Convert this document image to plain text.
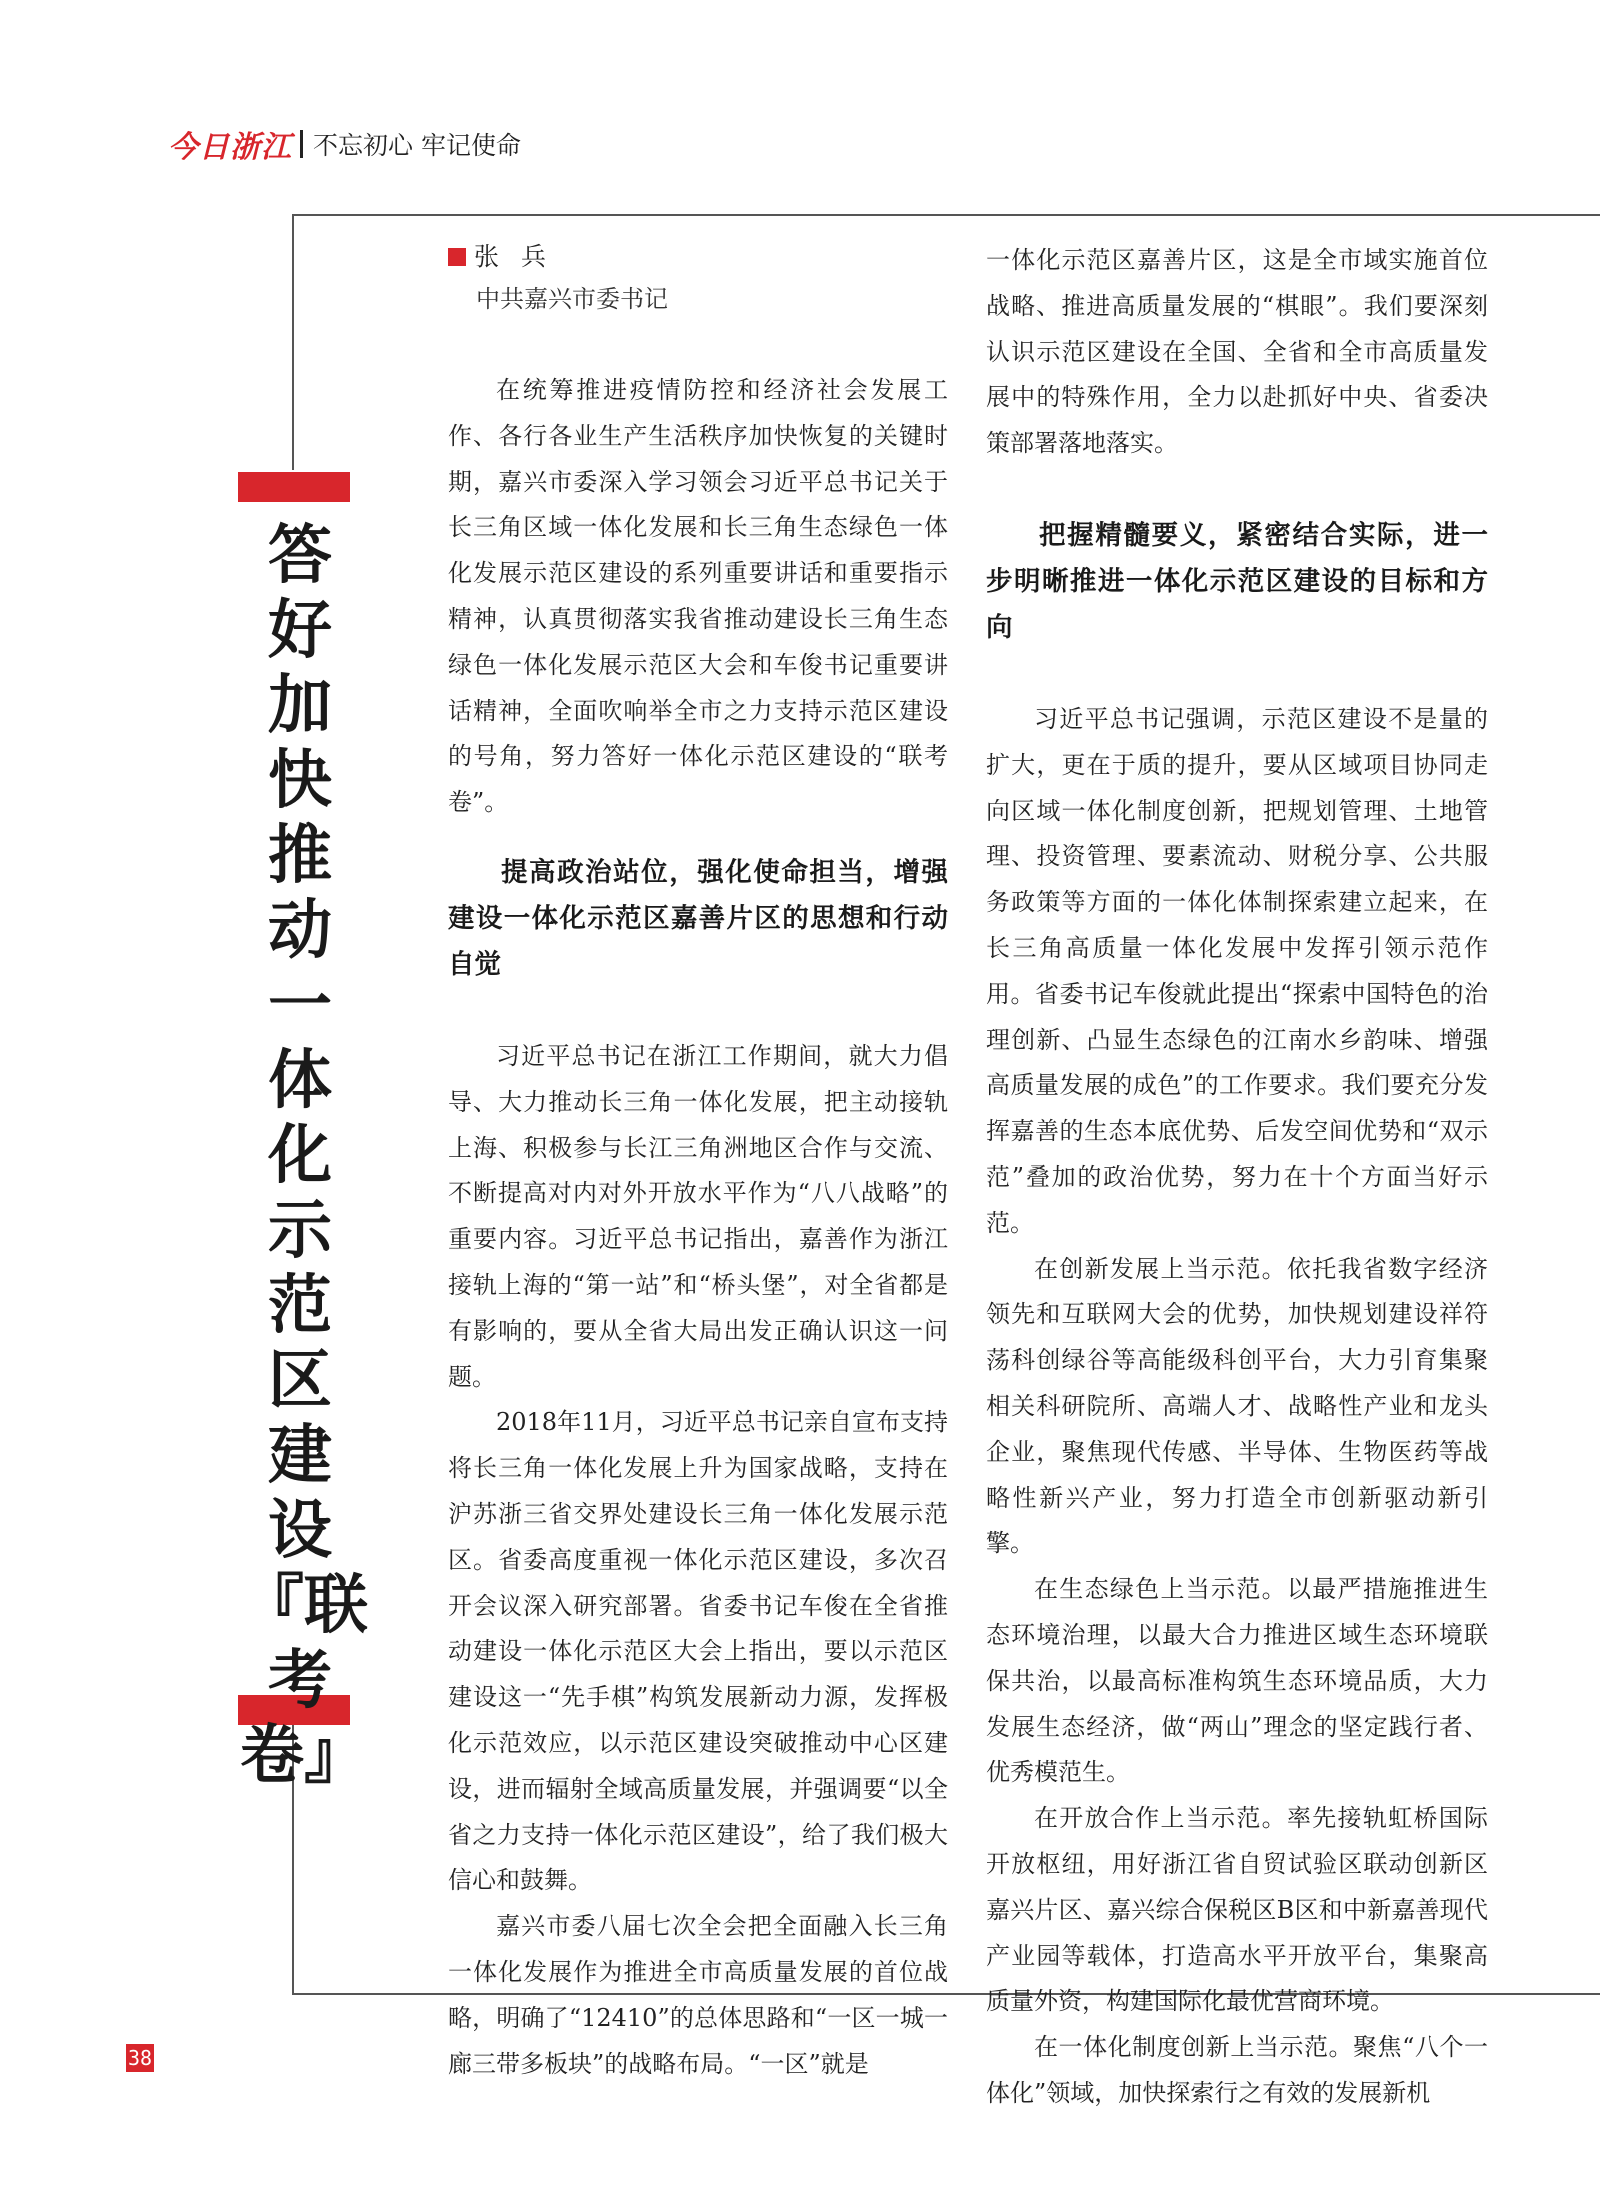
今日浙江 不忘初心 牢记使命
答好加快推动一体化示范区建设『联考卷』
张兵
中共嘉兴市委书记

在统筹推进疫情防控和经济社会发展工作、各行各业生产生活秩序加快恢复的关键时期，嘉兴市委深入学习领会习近平总书记关于长三角区域一体化发展和长三角生态绿色一体化发展示范区建设的系列重要讲话和重要指示精神，认真贯彻落实我省推动建设长三角生态绿色一体化发展示范区大会和车俊书记重要讲话精神，全面吹响举全市之力支持示范区建设的号角，努力答好一体化示范区建设的“联考卷”。

提高政治站位，强化使命担当，增强建设一体化示范区嘉善片区的思想和行动自觉

习近平总书记在浙江工作期间，就大力倡导、大力推动长三角一体化发展，把主动接轨上海、积极参与长江三角洲地区合作与交流、不断提高对内对外开放水平作为“八八战略”的重要内容。习近平总书记指出，嘉善作为浙江接轨上海的“第一站”和“桥头堡”，对全省都是有影响的，要从全省大局出发正确认识这一问题。

2018年11月，习近平总书记亲自宣布支持将长三角一体化发展上升为国家战略，支持在沪苏浙三省交界处建设长三角一体化发展示范区。省委高度重视一体化示范区建设，多次召开会议深入研究部署。省委书记车俊在全省推动建设一体化示范区大会上指出，要以示范区建设这一“先手棋”构筑发展新动力源，发挥极化示范效应，以示范区建设突破推动中心区建设，进而辐射全域高质量发展，并强调要“以全省之力支持一体化示范区建设”，给了我们极大信心和鼓舞。

嘉兴市委八届七次全会把全面融入长三角一体化发展作为推进全市高质量发展的首位战略，明确了“12410”的总体思路和“一区一城一廊三带多板块”的战略布局。“一区”就是

一体化示范区嘉善片区，这是全市域实施首位战略、推进高质量发展的“棋眼”。我们要深刻认识示范区建设在全国、全省和全市高质量发展中的特殊作用，全力以赴抓好中央、省委决策部署落地落实。

把握精髓要义，紧密结合实际，进一步明晰推进一体化示范区建设的目标和方向

习近平总书记强调，示范区建设不是量的扩大，更在于质的提升，要从区域项目协同走向区域一体化制度创新，把规划管理、土地管理、投资管理、要素流动、财税分享、公共服务政策等方面的一体化体制探索建立起来，在长三角高质量一体化发展中发挥引领示范作用。省委书记车俊就此提出“探索中国特色的治理创新、凸显生态绿色的江南水乡韵味、增强高质量发展的成色”的工作要求。我们要充分发挥嘉善的生态本底优势、后发空间优势和“双示范”叠加的政治优势，努力在十个方面当好示范。

在创新发展上当示范。依托我省数字经济领先和互联网大会的优势，加快规划建设祥符荡科创绿谷等高能级科创平台，大力引育集聚相关科研院所、高端人才、战略性产业和龙头企业，聚焦现代传感、半导体、生物医药等战略性新兴产业，努力打造全市创新驱动新引擎。

在生态绿色上当示范。以最严措施推进生态环境治理，以最大合力推进区域生态环境联保共治，以最高标准构筑生态环境品质，大力发展生态经济，做“两山”理念的坚定践行者、优秀模范生。

在开放合作上当示范。率先接轨虹桥国际开放枢纽，用好浙江省自贸试验区联动创新区嘉兴片区、嘉兴综合保税区B区和中新嘉善现代产业园等载体，打造高水平开放平台，集聚高质量外资，构建国际化最优营商环境。

在一体化制度创新上当示范。聚焦“八个一体化”领域，加快探索行之有效的发展新机

38
